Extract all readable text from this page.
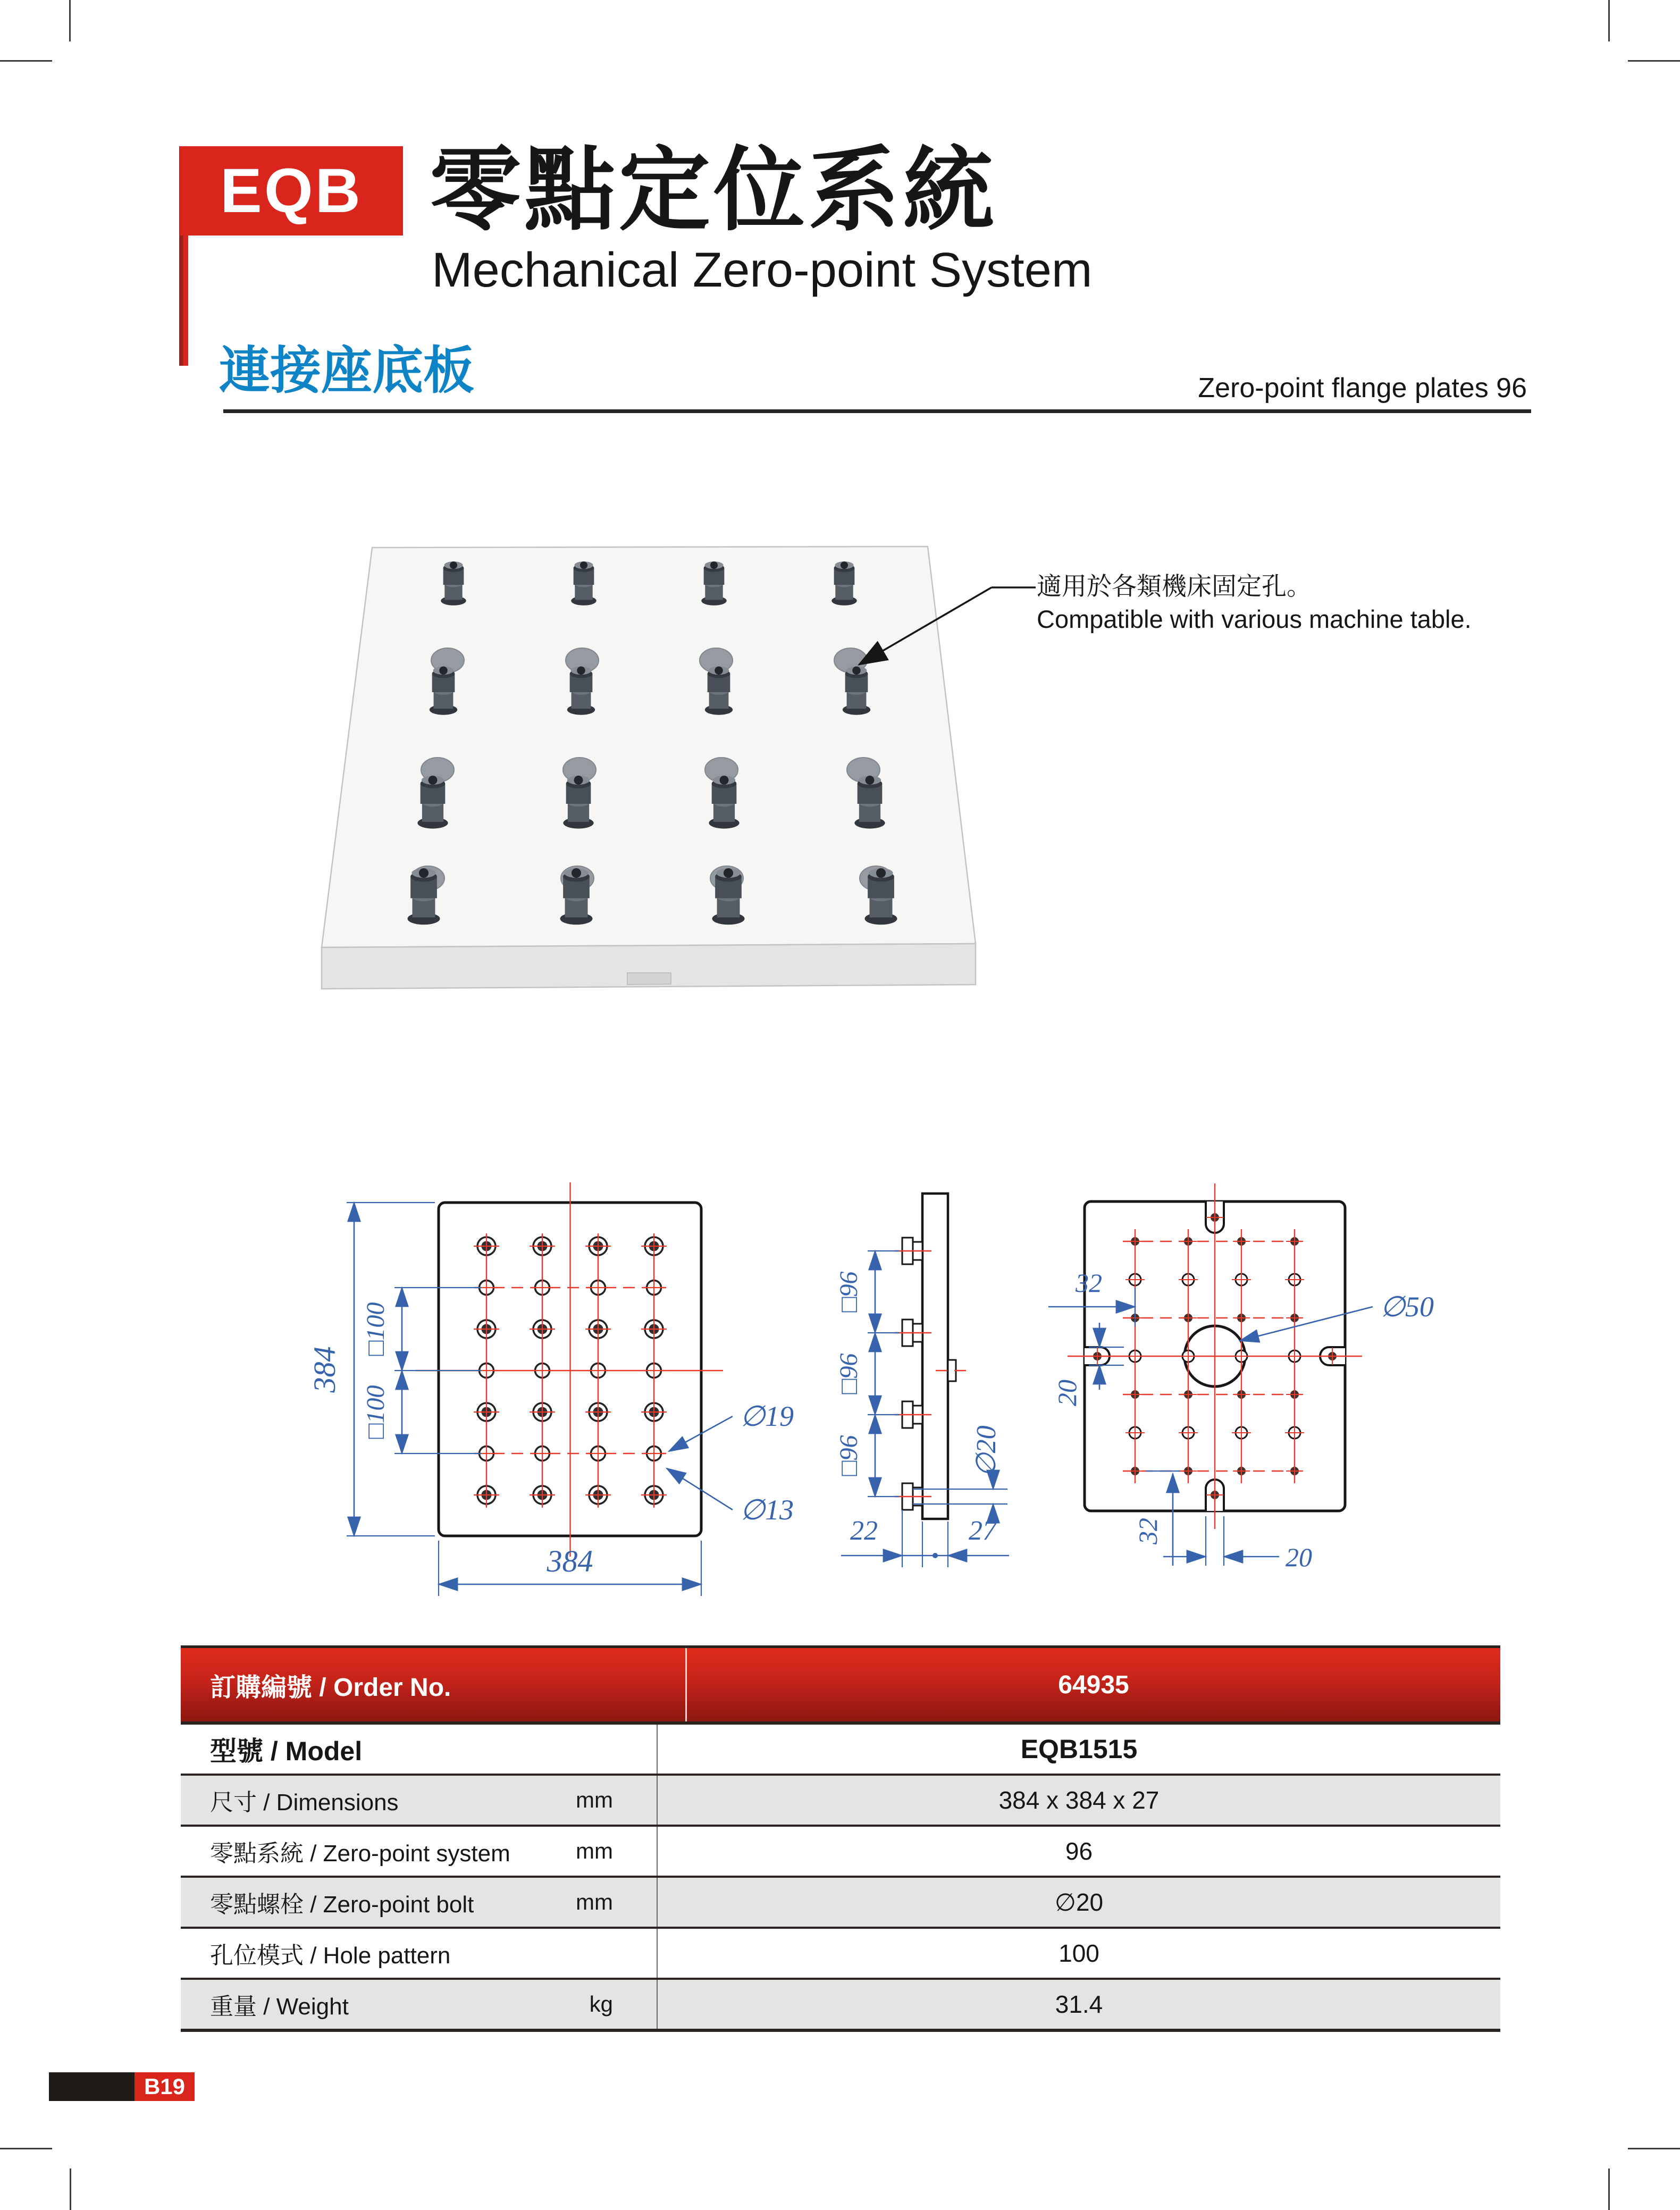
EQB 零點定位系統
Mechanical Zero-point System
連接座底板	Zero-point flange plates 96
適用於各類機床固定孔。
Compatible with various machine table.
384
□100
□100
384
∅19
∅13
□96
□96
□96
22	27
∅20
32
20
∅50
32
20
訂購編號 / Order No.	64935
型號 / Model	EQB1515
尺寸 / Dimensions	mm	384 x 384 x 27
零點系統 / Zero-point system	mm	96
零點螺栓 / Zero-point bolt	mm	∅20
孔位模式 / Hole pattern	100
重量 / Weight	kg	31.4
B19
